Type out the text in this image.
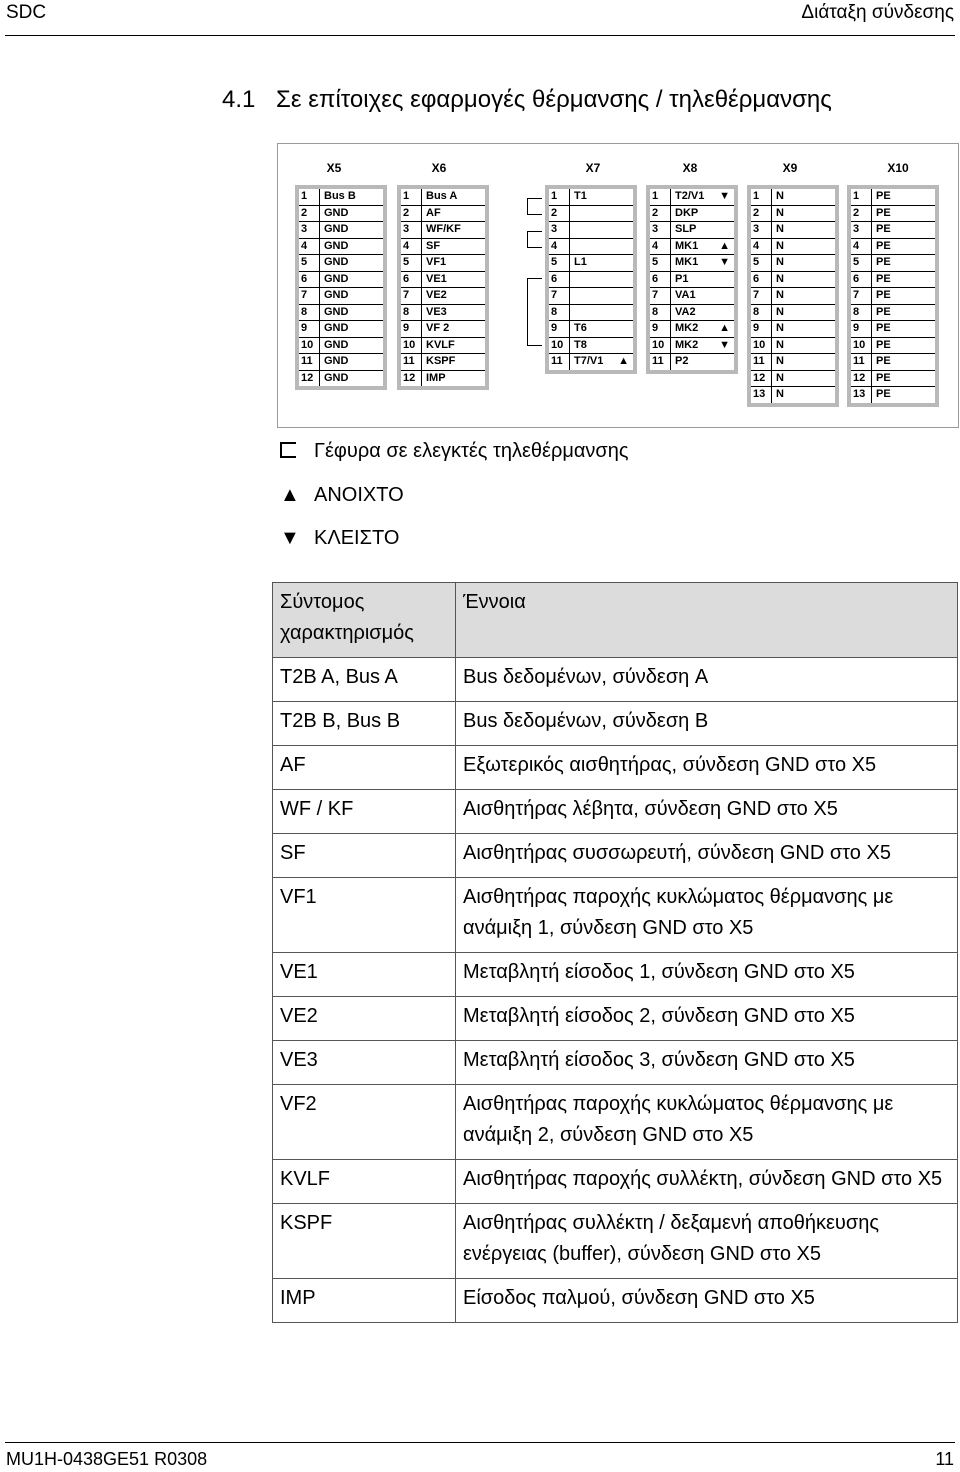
SDC	Διάταξη σύνδεσης
4.1 Σε επίτοιχες εφαρμογές θέρμανσης / τηλεθέρμανσης
X5	X6	X7	X8	X9	X10
1	Bus B
2	GND
3	GND
4	GND
5	GND
6	GND
7	GND
8	GND
9	GND
10 GND
11	GND
12 GND
1	Bus A
2	AF
3	WF/KF
4	SF
5	VF1
6	VE1
7	VE2
8	VE3
9	VF 2
10 KVLF
11	KSPF
12 IMP
1	T1
2
3
4
5	L1
6
7
8
9	T6
10 T8
11	T7/V1	▲
1	T2/V1	▼
2	DKP
3	SLP
4	MK1	▲
5	MK1	▼
6	P1
7	VA1
8	VA2
9	MK2	▲
10 MK2	▼
11	P2
1	N
2	N
3	N
4	N
5	N
6	N
7	N
8	N
9	N
10 N
11	N
12 N
13 N
1	PE
2	PE
3	PE
4	PE
5	PE
6	PE
7	PE
8	PE
9	PE
10 PE
11	PE
12 PE
13 PE
Γέφυρα σε ελεγκτές τηλεθέρμανσης
▲ ΑΝΟΙΧΤΟ
▼ ΚΛΕΙΣΤΟ
Σύντομος χαρακτηρισμός	Έννοια
T2B A, Bus A	Bus δεδομένων, σύνδεση A
T2B B, Bus B	Bus δεδομένων, σύνδεση B
AF	Εξωτερικός αισθητήρας, σύνδεση GND στο X5
WF / KF	Αισθητήρας λέβητα, σύνδεση GND στο X5
SF	Αισθητήρας συσσωρευτή, σύνδεση GND στο X5
VF1	Αισθητήρας παροχής κυκλώματος θέρμανσης με ανάμιξη 1, σύνδεση GND στο X5
VE1	Μεταβλητή είσοδος 1, σύνδεση GND στο X5
VE2	Μεταβλητή είσοδος 2, σύνδεση GND στο X5
VE3	Μεταβλητή είσοδος 3, σύνδεση GND στο X5
VF2	Αισθητήρας παροχής κυκλώματος θέρμανσης με ανάμιξη 2, σύνδεση GND στο X5
KVLF	Αισθητήρας παροχής συλλέκτη, σύνδεση GND στο X5
KSPF	Αισθητήρας συλλέκτη / δεξαμενή αποθήκευσης ενέργειας (buffer), σύνδεση GND στο X5
IMP	Είσοδος παλμού, σύνδεση GND στο X5
MU1H-0438GE51 R0308	11
